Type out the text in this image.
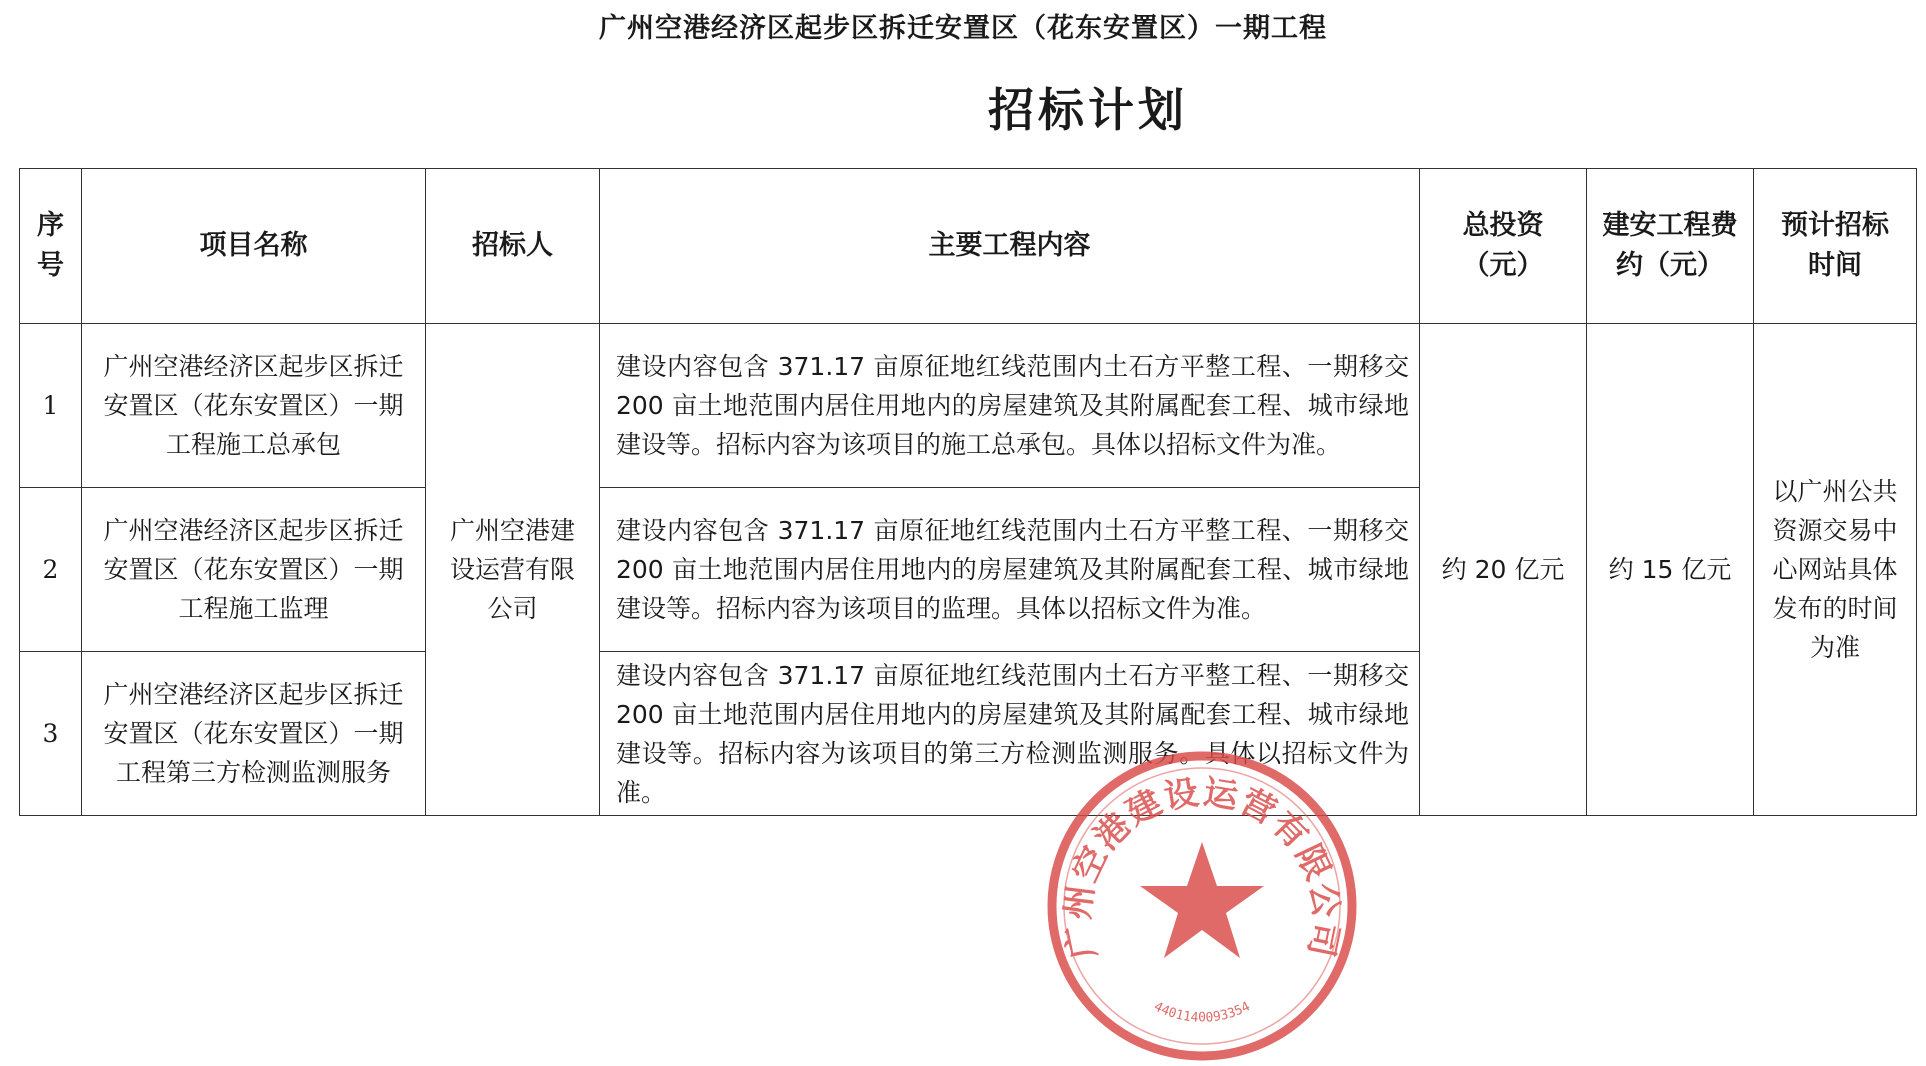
广州空港经济区起步区拆迁安置区（花东安置区）一期工程
招标计划
序号	项目名称	招标人	主要工程内容	总投资（元）	建安工程费约（元）	预计招标时间
1	广州空港经济区起步区拆迁安置区（花东安置区）一期工程施工总承包	广州空港建设运营有限公司	建设内容包含 371.17 亩原征地红线范围内土石方平整工程、一期移交 200 亩土地范围内居住用地内的房屋建筑及其附属配套工程、城市绿地建设等。招标内容为该项目的施工总承包。具体以招标文件为准。	约 20 亿元	约 15 亿元	以广州公共资源交易中心网站具体发布的时间为准
2	广州空港经济区起步区拆迁安置区（花东安置区）一期工程施工监理		建设内容包含 371.17 亩原征地红线范围内土石方平整工程、一期移交 200 亩土地范围内居住用地内的房屋建筑及其附属配套工程、城市绿地建设等。招标内容为该项目的监理。具体以招标文件为准。			
3	广州空港经济区起步区拆迁安置区（花东安置区）一期工程第三方检测监测服务		建设内容包含 371.17 亩原征地红线范围内土石方平整工程、一期移交 200 亩土地范围内居住用地内的房屋建筑及其附属配套工程、城市绿地建设等。招标内容为该项目的第三方检测监测服务。具体以招标文件为准。			
广州空港建设运营有限公司
4401140093354
